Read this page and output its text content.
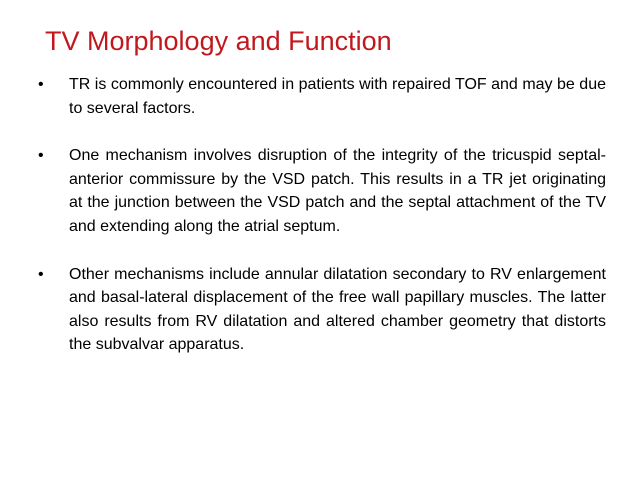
TV Morphology and Function
•	TR is commonly encountered in patients with repaired TOF and may be due to several factors.
•	One mechanism involves disruption of the integrity of the tricuspid septal-anterior commissure by the VSD patch. This results in a TR jet originating at the junction between the VSD patch and the septal attachment of the TV and extending along the atrial septum.
•	Other mechanisms include annular dilatation secondary to RV enlargement and basal-lateral displacement of the free wall papillary muscles. The latter also results from RV dilatation and altered chamber geometry that distorts the subvalvar apparatus.
